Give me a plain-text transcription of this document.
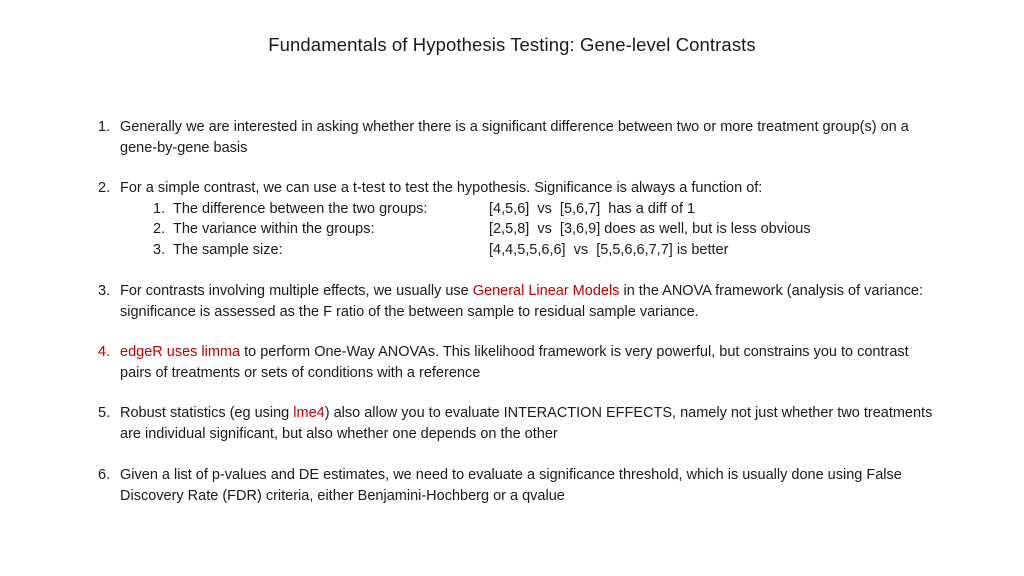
Fundamentals of Hypothesis Testing: Gene-level Contrasts
1. Generally we are interested in asking whether there is a significant difference between two or more treatment group(s) on a gene-by-gene basis
2. For a simple contrast, we can use a t-test to test the hypothesis. Significance is always a function of:
1. The difference between the two groups:	[4,5,6]  vs  [5,6,7]  has a diff of 1
2. The variance within the groups:	[2,5,8]  vs  [3,6,9] does as well, but is less obvious
3. The sample size:	[4,4,5,5,6,6]  vs  [5,5,6,6,7,7] is better
3. For contrasts involving multiple effects, we usually use General Linear Models in the ANOVA framework (analysis of variance: significance is assessed as the F ratio of the between sample to residual sample variance.
4. edgeR uses limma to perform One-Way ANOVAs. This likelihood framework is very powerful, but constrains you to contrast pairs of treatments or sets of conditions with a reference
5. Robust statistics (eg using lme4) also allow you to evaluate INTERACTION EFFECTS, namely not just whether two treatments are individual significant, but also whether one depends on the other
6. Given a list of p-values and DE estimates, we need to evaluate a significance threshold, which is usually done using False Discovery Rate (FDR) criteria, either Benjamini-Hochberg or a qvalue
